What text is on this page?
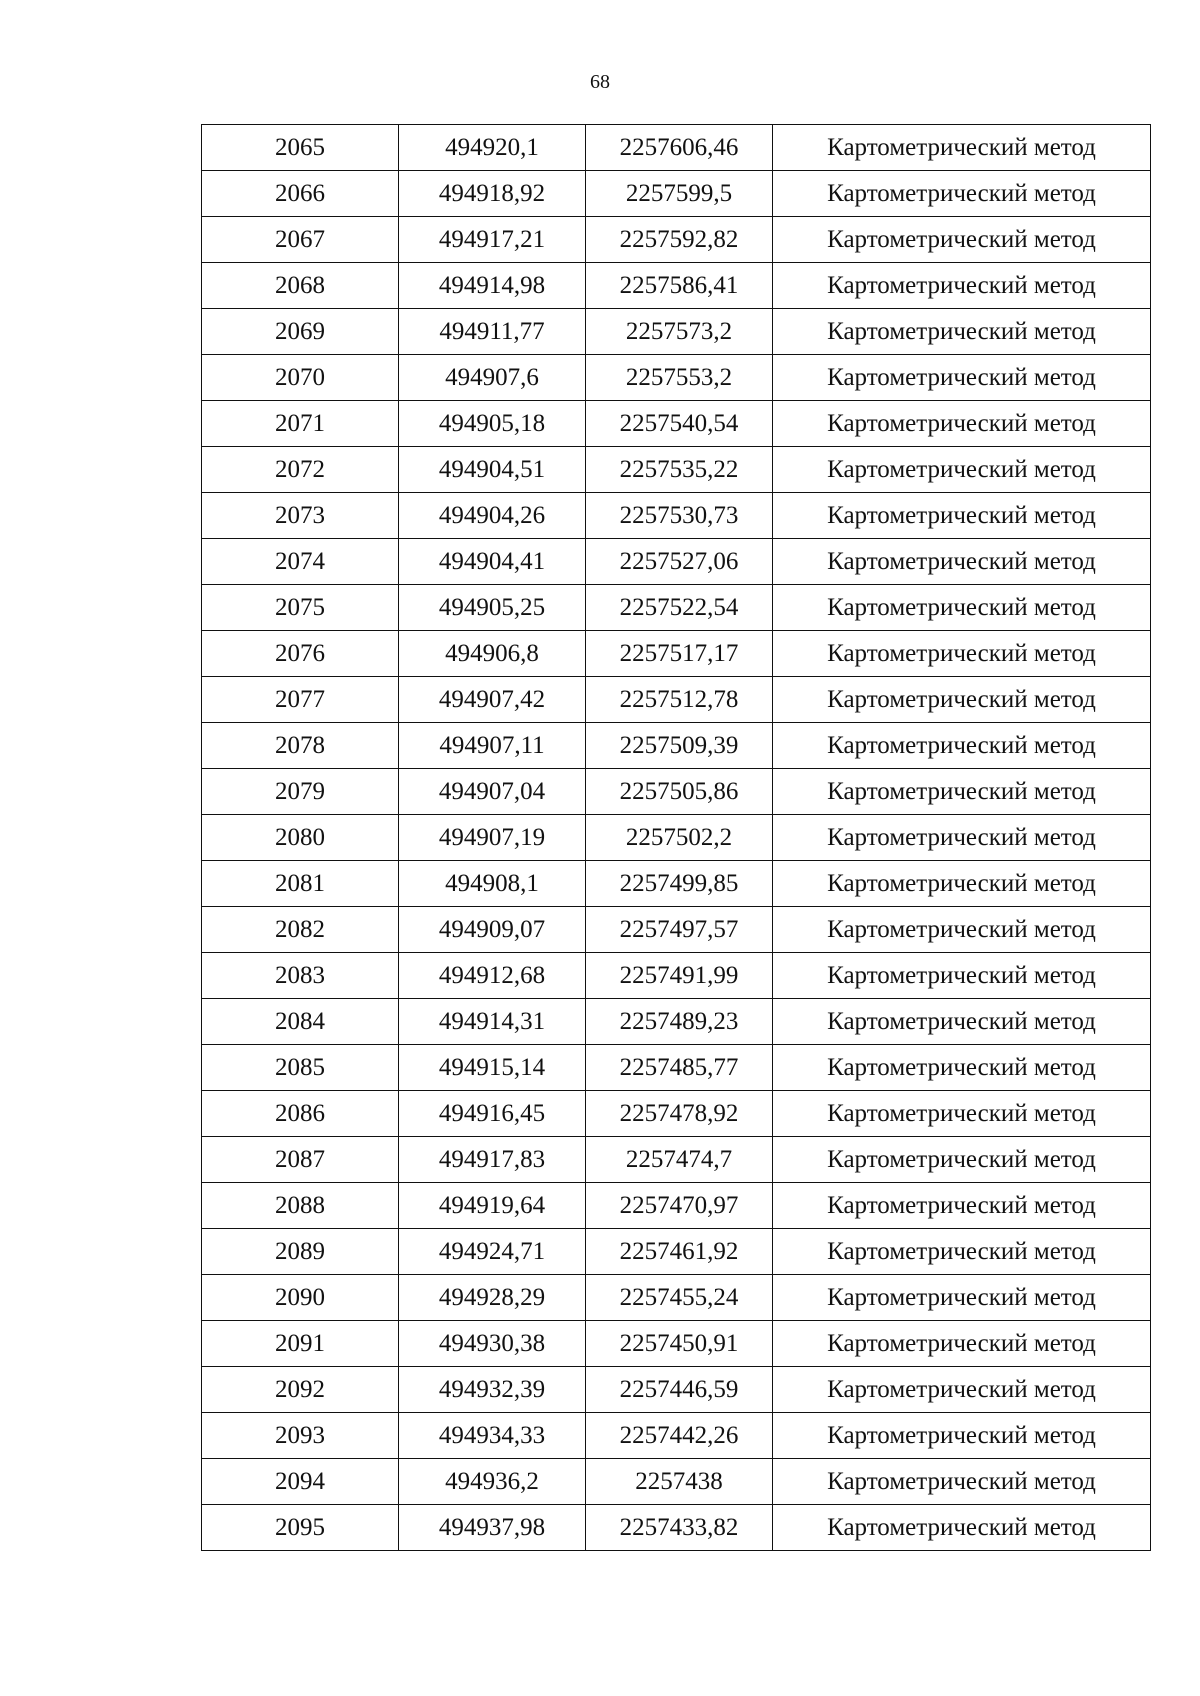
68
2065	494920,1	2257606,46	Картометрический метод
2066	494918,92	2257599,5	Картометрический метод
2067	494917,21	2257592,82	Картометрический метод
2068	494914,98	2257586,41	Картометрический метод
2069	494911,77	2257573,2	Картометрический метод
2070	494907,6	2257553,2	Картометрический метод
2071	494905,18	2257540,54	Картометрический метод
2072	494904,51	2257535,22	Картометрический метод
2073	494904,26	2257530,73	Картометрический метод
2074	494904,41	2257527,06	Картометрический метод
2075	494905,25	2257522,54	Картометрический метод
2076	494906,8	2257517,17	Картометрический метод
2077	494907,42	2257512,78	Картометрический метод
2078	494907,11	2257509,39	Картометрический метод
2079	494907,04	2257505,86	Картометрический метод
2080	494907,19	2257502,2	Картометрический метод
2081	494908,1	2257499,85	Картометрический метод
2082	494909,07	2257497,57	Картометрический метод
2083	494912,68	2257491,99	Картометрический метод
2084	494914,31	2257489,23	Картометрический метод
2085	494915,14	2257485,77	Картометрический метод
2086	494916,45	2257478,92	Картометрический метод
2087	494917,83	2257474,7	Картометрический метод
2088	494919,64	2257470,97	Картометрический метод
2089	494924,71	2257461,92	Картометрический метод
2090	494928,29	2257455,24	Картометрический метод
2091	494930,38	2257450,91	Картометрический метод
2092	494932,39	2257446,59	Картометрический метод
2093	494934,33	2257442,26	Картометрический метод
2094	494936,2	2257438	Картометрический метод
2095	494937,98	2257433,82	Картометрический метод
